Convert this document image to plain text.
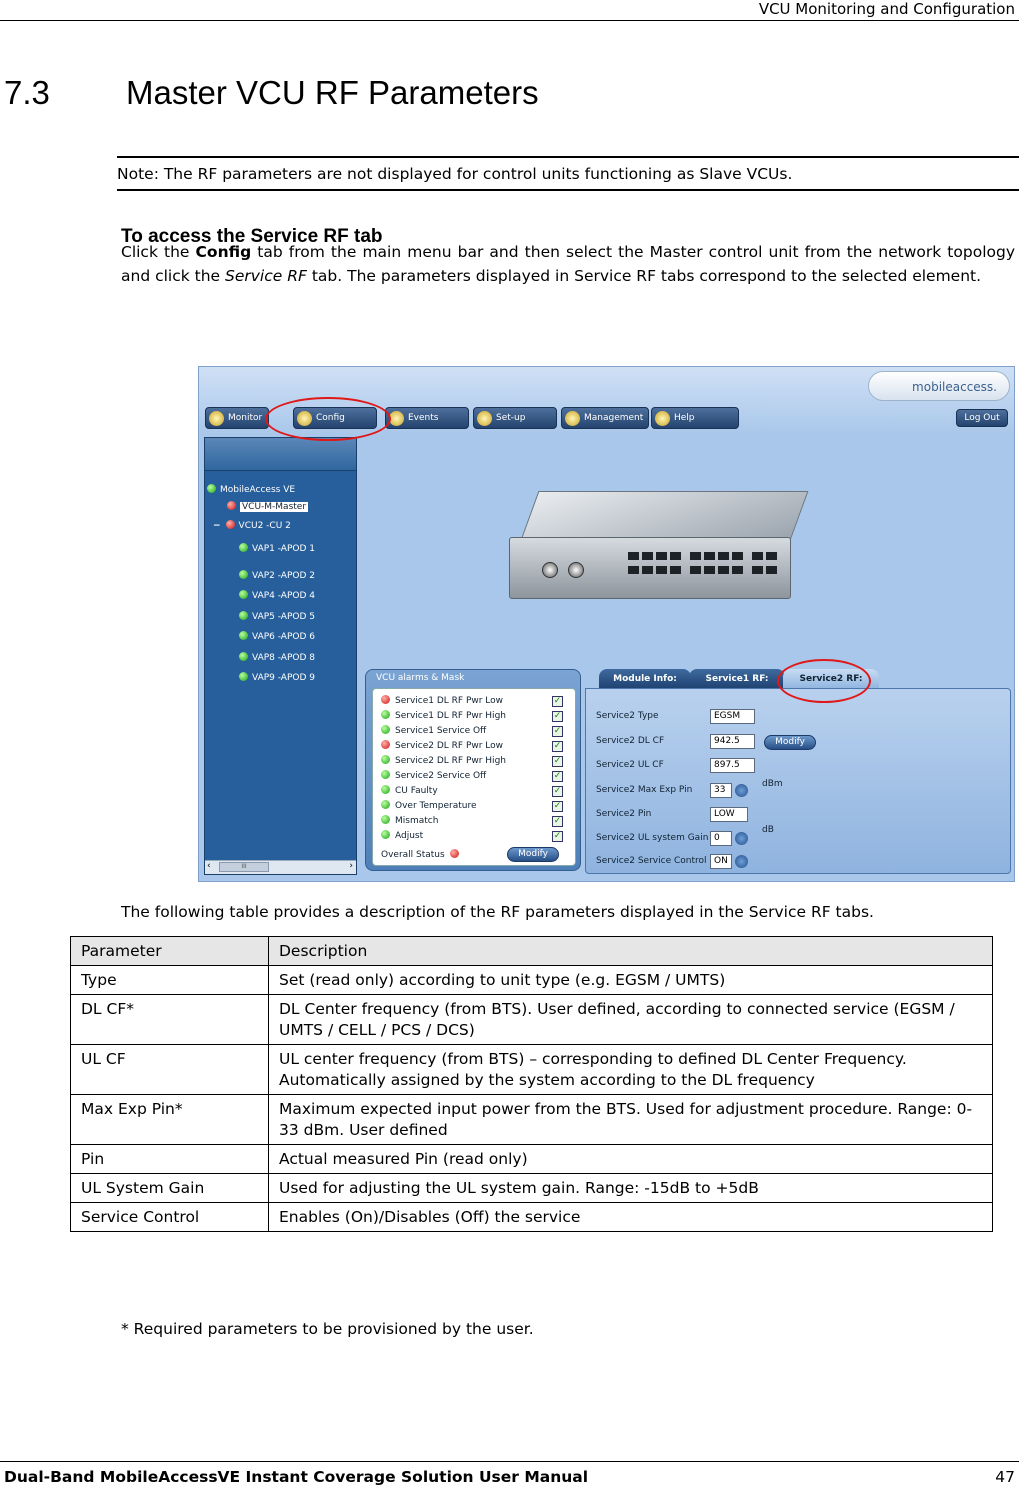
VCU Monitoring and Configuration
7.3 Master VCU RF Parameters
Note: The RF parameters are not displayed for control units functioning as Slave VCUs.
To access the Service RF tab

Click the Config tab from the main menu bar and then select the Master control unit from the network topology and click the Service RF tab. The parameters displayed in Service RF tabs correspond to the selected element.

mobileaccess.
Monitor	Config	Events	Set-up	Management	Help	Log Out
MobileAccess VE
VCU-M-Master
− VCU2 -CU 2
VAP1 -APOD 1
VAP2 -APOD 2
VAP4 -APOD 4
VAP5 -APOD 5
VAP6 -APOD 6
VAP8 -APOD 8
VAP9 -APOD 9
‹	III	›
VCU alarms & Mask
Service1 DL RF Pwr Low	✓
Service1 DL RF Pwr High	✓
Service1 Service Off	✓
Service2 DL RF Pwr Low	✓
Service2 DL RF Pwr High	✓
Service2 Service Off	✓
CU Faulty	✓
Over Temperature	✓
Mismatch	✓
Adjust	✓
Overall Status	Modify
Module Info:	Service1 RF:	Service2 RF:
Service2 Type	EGSM
Service2 DL CF	942.5	Modify
Service2 UL CF	897.5
Service2 Max Exp Pin	33
dBm
Service2 Pin	LOW
Service2 UL system Gain 0
dB
Service2 Service Control ON
The following table provides a description of the RF parameters displayed in the Service RF tabs.
Parameter	Description
Type	Set (read only) according to unit type (e.g. EGSM / UMTS)
DL CF*	DL Center frequency (from BTS). User defined, according to connected service (EGSM / UMTS / CELL / PCS / DCS)
UL CF	UL center frequency (from BTS) – corresponding to defined DL Center Frequency. Automatically assigned by the system according to the DL frequency
Max Exp Pin*	Maximum expected input power from the BTS. Used for adjustment procedure. Range: 0-33 dBm. User defined
Pin	Actual measured Pin (read only)
UL System Gain	Used for adjusting the UL system gain. Range: -15dB to +5dB
Service Control	Enables (On)/Disables (Off) the service
* Required parameters to be provisioned by the user.
Dual-Band MobileAccessVE Instant Coverage Solution User Manual	47
